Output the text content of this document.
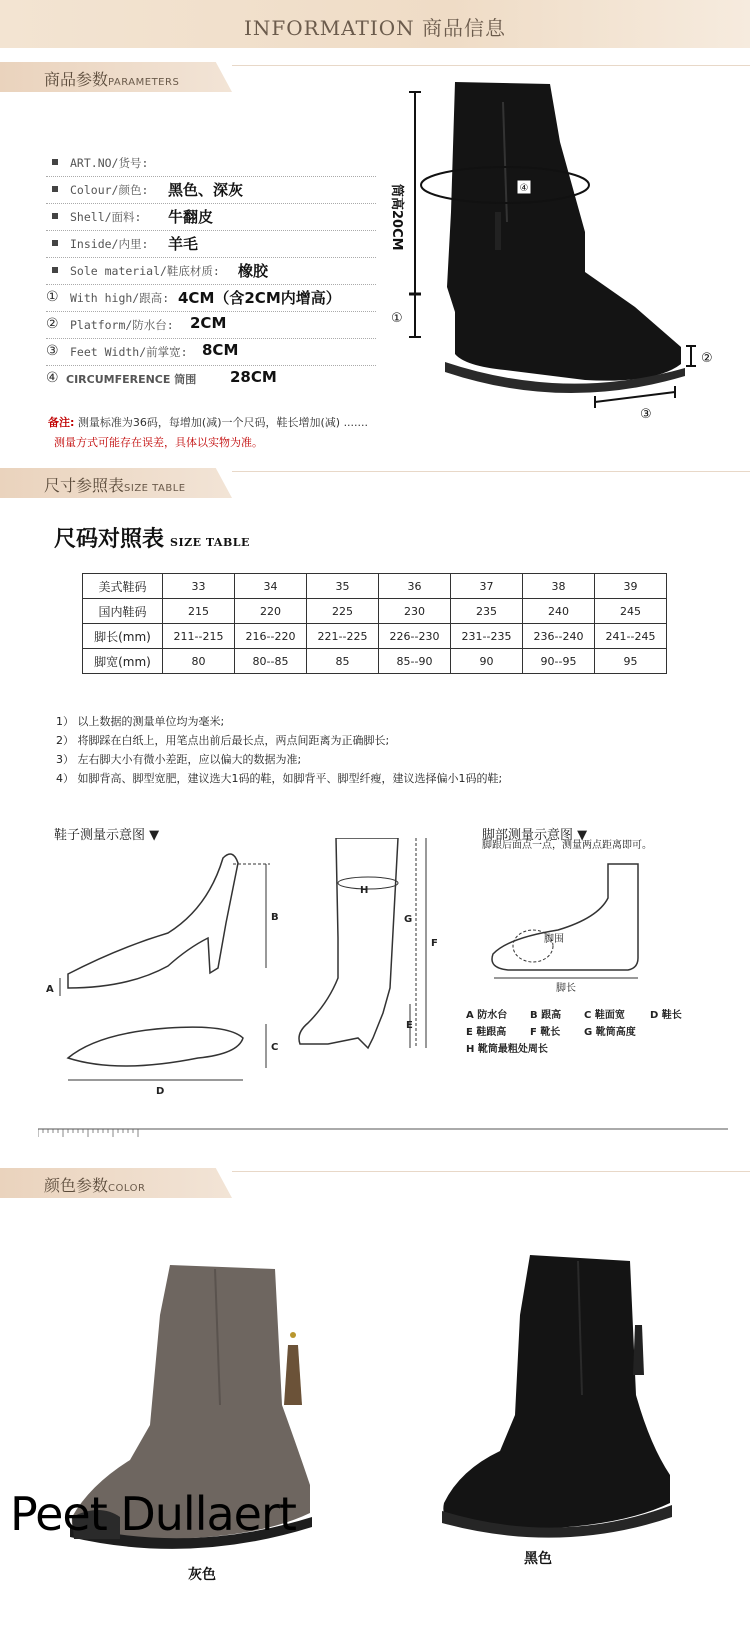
INFORMATION 商品信息
商品参数PARAMETERS
ART.NO/货号:
Colour/颜色: 黑色、深灰
Shell/面料: 牛翻皮
Inside/内里: 羊毛
Sole material/鞋底材质: 橡胶
① With high/跟高: 4CM（含2CM内增高）
② Platform/防水台: 2CM
③ Feet Width/前掌宽: 8CM
④ CIRCUMFERENCE 筒围 28CM
备注: 测量标准为36码，每增加(减)一个尺码，鞋长增加(减) .......
测量方式可能存在误差，具体以实物为准。
筒高20CM
①
④
②
③
尺寸参照表SIZE TABLE
尺码对照表 SIZE TABLE
美式鞋码	33	34	35	36	37	38	39
国内鞋码	215	220	225	230	235	240	245
脚长(mm)	211--215	216--220	221--225	226--230	231--235	236--240	241--245
脚宽(mm)	80	80--85	85	85--90	90	90--95	95
1） 以上数据的测量单位均为毫米;
2） 将脚踩在白纸上，用笔点出前后最长点，两点间距离为正确脚长;
3） 左右脚大小有微小差距，应以偏大的数据为准;
4） 如脚背高、脚型宽肥，建议选大1码的鞋，如脚背平、脚型纤瘦，建议选择偏小1码的鞋;
鞋子测量示意图 ▼	脚部测量示意图 ▼
A
B
C
D
H
G
F
E
脚跟后面点一点，测量两点距离即可。
脚围
脚长
A 防水台 B 跟高 C 鞋面宽	D 鞋长
E 鞋跟高 F 靴长 G 靴筒高度
H 靴筒最粗处周长
颜色参数COLOR
灰色
黑色
Peet Dullaert
